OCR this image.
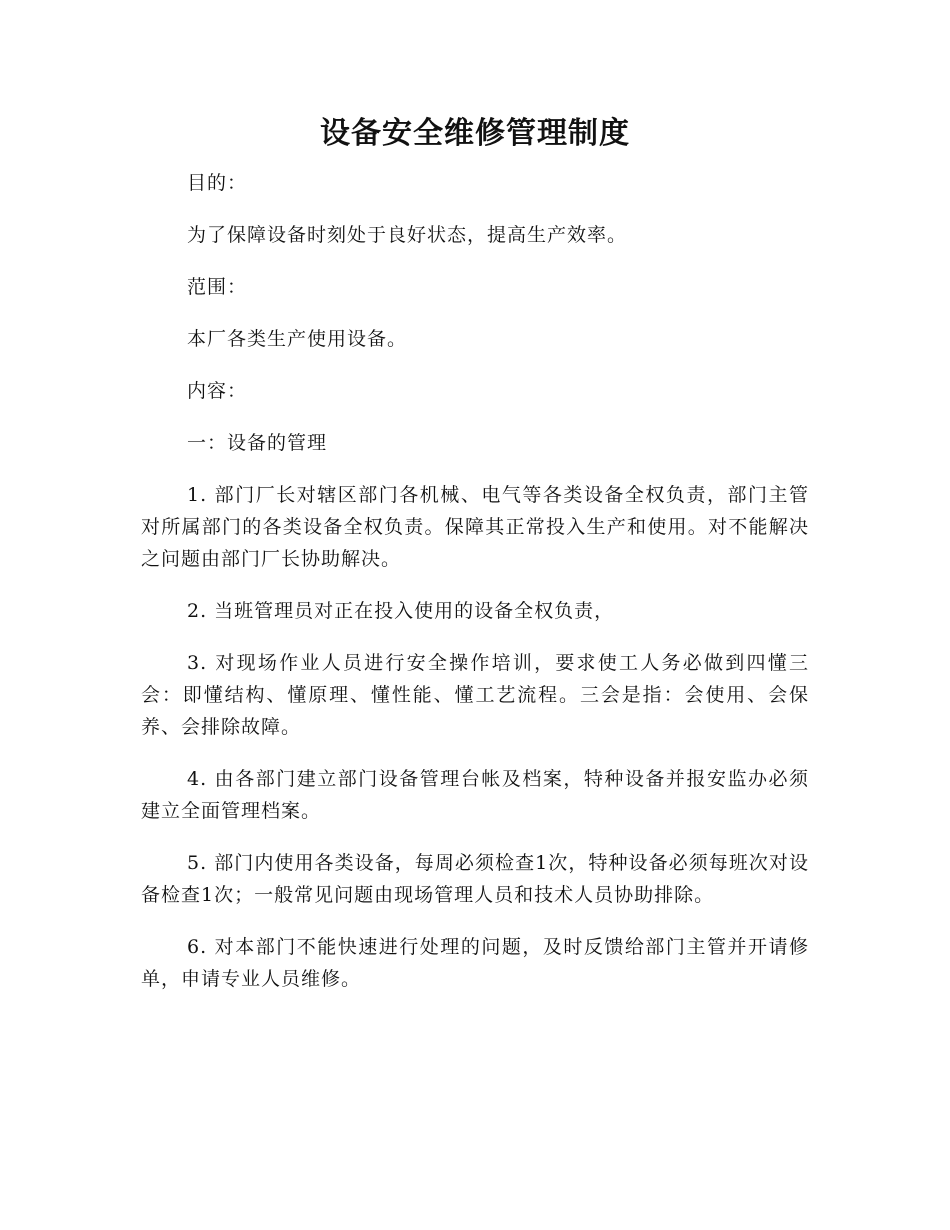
设备安全维修管理制度

目的：

为了保障设备时刻处于良好状态，提高生产效率。

范围：

本厂各类生产使用设备。

内容：

一：设备的管理

1. 部门厂长对辖区部门各机械、电气等各类设备全权负责，部门主管对所属部门的各类设备全权负责。保障其正常投入生产和使用。对不能解决之问题由部门厂长协助解决。

2. 当班管理员对正在投入使用的设备全权负责，

3. 对现场作业人员进行安全操作培训，要求使工人务必做到四懂三会：即懂结构、懂原理、懂性能、懂工艺流程。三会是指：会使用、会保养、会排除故障。

4. 由各部门建立部门设备管理台帐及档案，特种设备并报安监办必须建立全面管理档案。

5. 部门内使用各类设备，每周必须检查1次，特种设备必须每班次对设备检查1次；一般常见问题由现场管理人员和技术人员协助排除。

6. 对本部门不能快速进行处理的问题，及时反馈给部门主管并开请修单，申请专业人员维修。
